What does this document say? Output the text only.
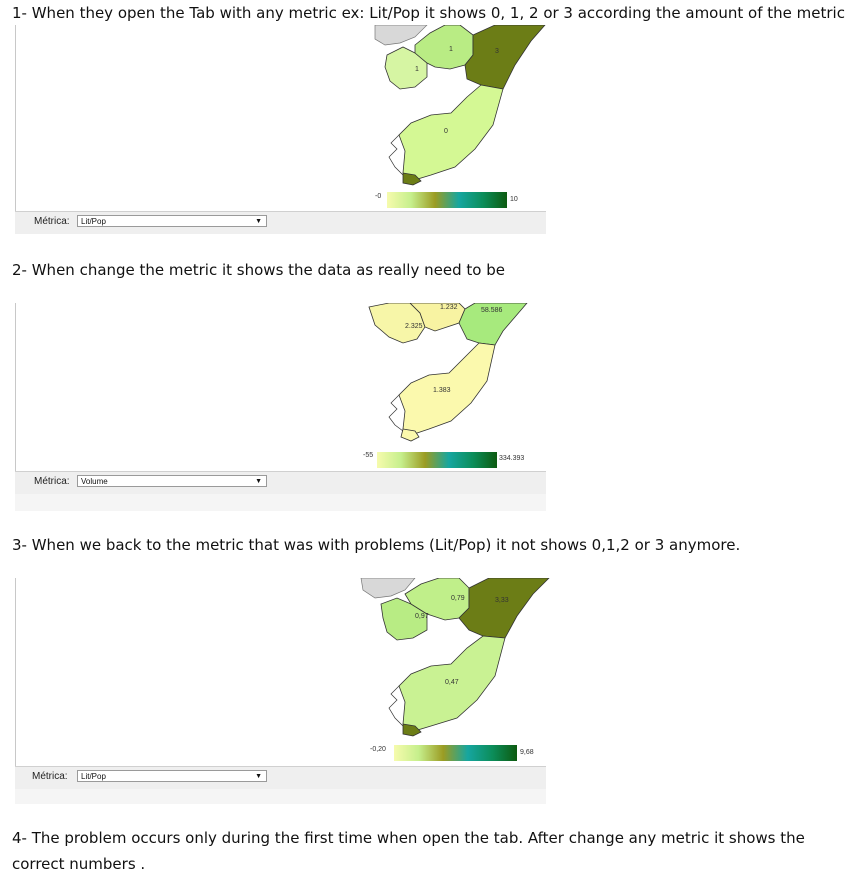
1- When they open the Tab with any metric ex: Lit/Pop it shows 0, 1, 2 or 3 according the amount of the metric

2- When change the metric it shows the data as really need to be

3- When we back to the metric that was with problems (Lit/Pop) it not shows 0,1,2 or 3 anymore.

4- The problem occurs only during the first time when open the tab. After change any metric it shows the correct numbers .

1
1	3
0
-0	10
Métrica:	Lit/Pop	▼
2.325
1.232	58.586
1.383
-55	334.393
Métrica:	Volume	▼
0,97
0,79	3,33
0,47
-0,20	9,68
Métrica:	Lit/Pop	▼
